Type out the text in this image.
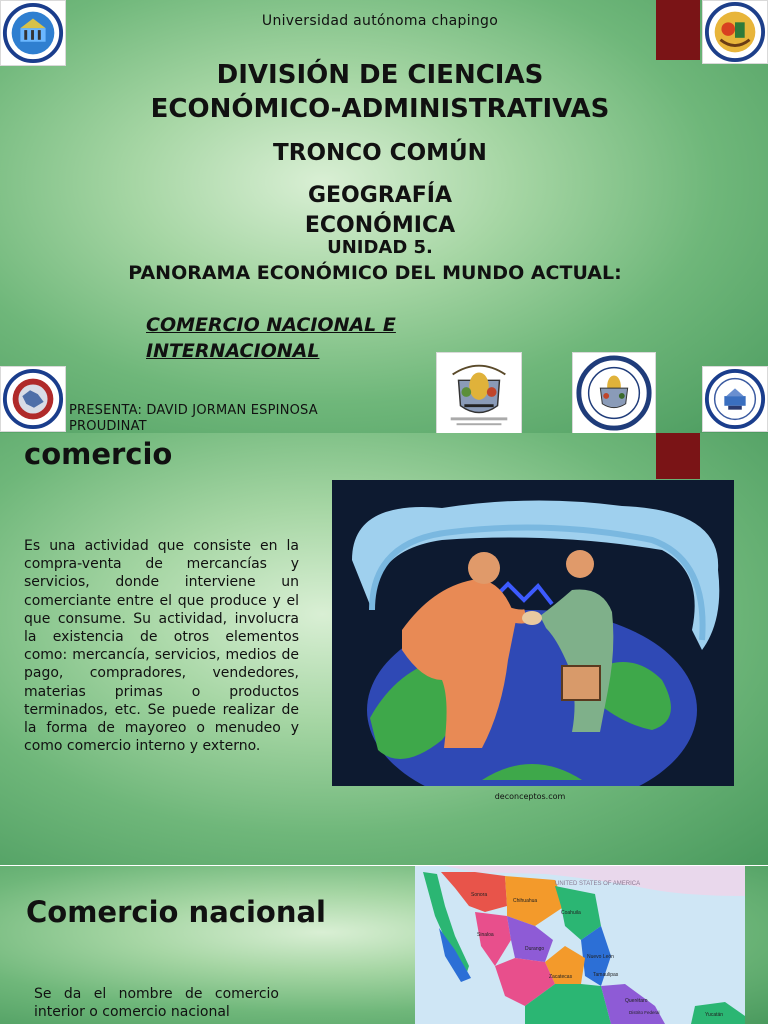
Universidad autónoma chapingo
DIVISIÓN DE CIENCIAS ECONÓMICO-ADMINISTRATIVAS
TRONCO COMÚN
GEOGRAFÍA ECONÓMICA
UNIDAD 5.
PANORAMA ECONÓMICO DEL MUNDO ACTUAL:
COMERCIO NACIONAL E INTERNACIONAL
PRESENTA: DAVID JORMAN ESPINOSA PROUDINAT
comercio
Es una actividad que consiste en la compra-venta de mercancías y servicios, donde interviene un comerciante entre el que produce y el que consume. Su actividad, involucra la existencia de otros elementos como: mercancía, servicios, medios de pago, compradores, vendedores, materias primas o productos terminados, etc. Se puede realizar de la forma de mayoreo o menudeo y como comercio interno y externo.
deconceptos.com
Comercio nacional
Se da el nombre de comercio interior o comercio nacional
UNITED STATES OF AMERICA
Chihuahua
Sonora
Coahuila
Durango
Nuevo León
Sinaloa
Zacatecas	Tamaulipas
Querétaro
Distrito Federal	Yucatán
